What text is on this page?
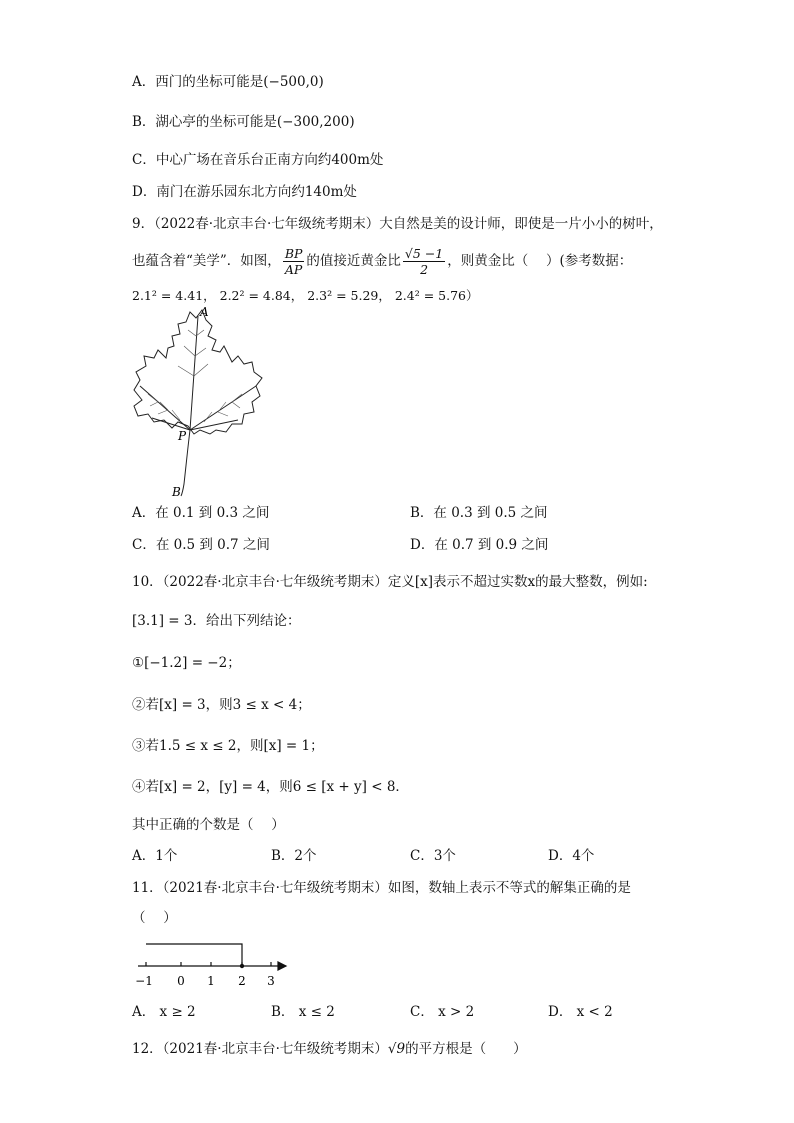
A．西门的坐标可能是(−500,0)
B．湖心亭的坐标可能是(−300,200)
C．中心广场在音乐台正南方向约400m处
D．南门在游乐园东北方向约140m处
9．（2022春·北京丰台·七年级统考期末）大自然是美的设计师，即使是一片小小的树叶，
也蕴含着“美学”．如图， $\frac{BP}{AP}$ 的值接近黄金比 $\frac{√5 -1}{2}$ ，则黄金比（　 ）(参考数据：
2.1² = 4.41， 2.2² = 4.84， 2.3² = 5.29， 2.4² = 5.76）
A
P
B
A．在 0.1 到 0.3 之间	B．在 0.3 到 0.5 之间
C．在 0.5 到 0.7 之间	D．在 0.7 到 0.9 之间
10．（2022春·北京丰台·七年级统考期末）定义[x]表示不超过实数x的最大整数，例如:
[3.1] = 3．给出下列结论：
①[−1.2] = −2；
②若[x] = 3，则3 ≤ x < 4；
③若1.5 ≤ x ≤ 2，则[x] = 1；
④若[x] = 2，[y] = 4，则6 ≤ [x + y] < 8．
其中正确的个数是（　 ）
A．1个	B．2个	C．3个	D．4个
11．（2021春·北京丰台·七年级统考期末）如图，数轴上表示不等式的解集正确的是
（　 ）
−1 0 1 2 3
A． x ≥ 2	B． x ≤ 2	C． x > 2	D． x < 2
12．（2021春·北京丰台·七年级统考期末）√9的平方根是（　　）
